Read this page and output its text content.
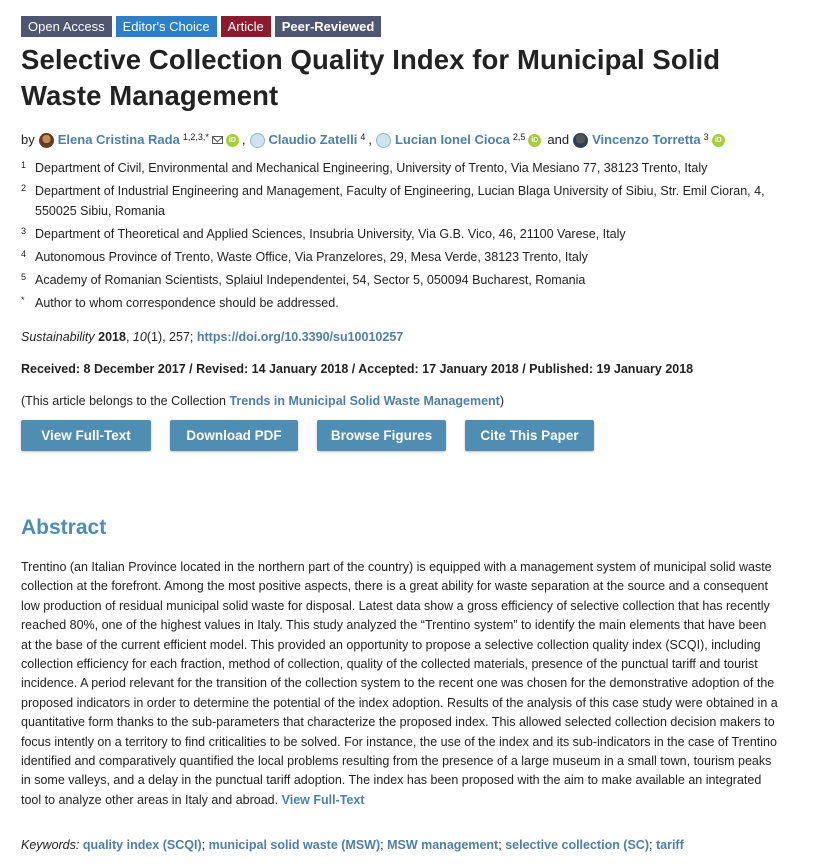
Open Access	Editor's Choice	Article	Peer-Reviewed
Selective Collection Quality Index for Municipal Solid Waste Management
by Elena Cristina Rada $^{1,2,3,*}$	iD , Claudio Zatelli $^4$ , Lucian Ionel Cioca $^{2,5}$ iD and Vincenzo Torretta $^3$ iD
1 Department of Civil, Environmental and Mechanical Engineering, University of Trento, Via Mesiano 77, 38123 Trento, Italy
2 Department of Industrial Engineering and Management, Faculty of Engineering, Lucian Blaga University of Sibiu, Str. Emil Cioran, 4, 550025 Sibiu, Romania
3 Department of Theoretical and Applied Sciences, Insubria University, Via G.B. Vico, 46, 21100 Varese, Italy
4 Autonomous Province of Trento, Waste Office, Via Pranzelores, 29, Mesa Verde, 38123 Trento, Italy
5 Academy of Romanian Scientists, Splaiul Independentei, 54, Sector 5, 050094 Bucharest, Romania
* Author to whom correspondence should be addressed.
Sustainability 2018, 10(1), 257; https://doi.org/10.3390/su10010257
Received: 8 December 2017 / Revised: 14 January 2018 / Accepted: 17 January 2018 / Published: 19 January 2018
(This article belongs to the Collection Trends in Municipal Solid Waste Management)
View Full-Text	Download PDF	Browse Figures	Cite This Paper
Abstract
Trentino (an Italian Province located in the northern part of the country) is equipped with a management system of municipal solid waste collection at the forefront. Among the most positive aspects, there is a great ability for waste separation at the source and a consequent low production of residual municipal solid waste for disposal. Latest data show a gross efficiency of selective collection that has recently reached 80%, one of the highest values in Italy. This study analyzed the “Trentino system” to identify the main elements that have been at the base of the current efficient model. This provided an opportunity to propose a selective collection quality index (SCQI), including collection efficiency for each fraction, method of collection, quality of the collected materials, presence of the punctual tariff and tourist incidence. A period relevant for the transition of the collection system to the recent one was chosen for the demonstrative adoption of the proposed indicators in order to determine the potential of the index adoption. Results of the analysis of this case study were obtained in a quantitative form thanks to the sub-parameters that characterize the proposed index. This allowed selected collection decision makers to focus intently on a territory to find criticalities to be solved. For instance, the use of the index and its sub-indicators in the case of Trentino identified and comparatively quantified the local problems resulting from the presence of a large museum in a small town, tourism peaks in some valleys, and a delay in the punctual tariff adoption. The index has been proposed with the aim to make available an integrated tool to analyze other areas in Italy and abroad. View Full-Text
Keywords: quality index (SCQI); municipal solid waste (MSW); MSW management; selective collection (SC); tariff
